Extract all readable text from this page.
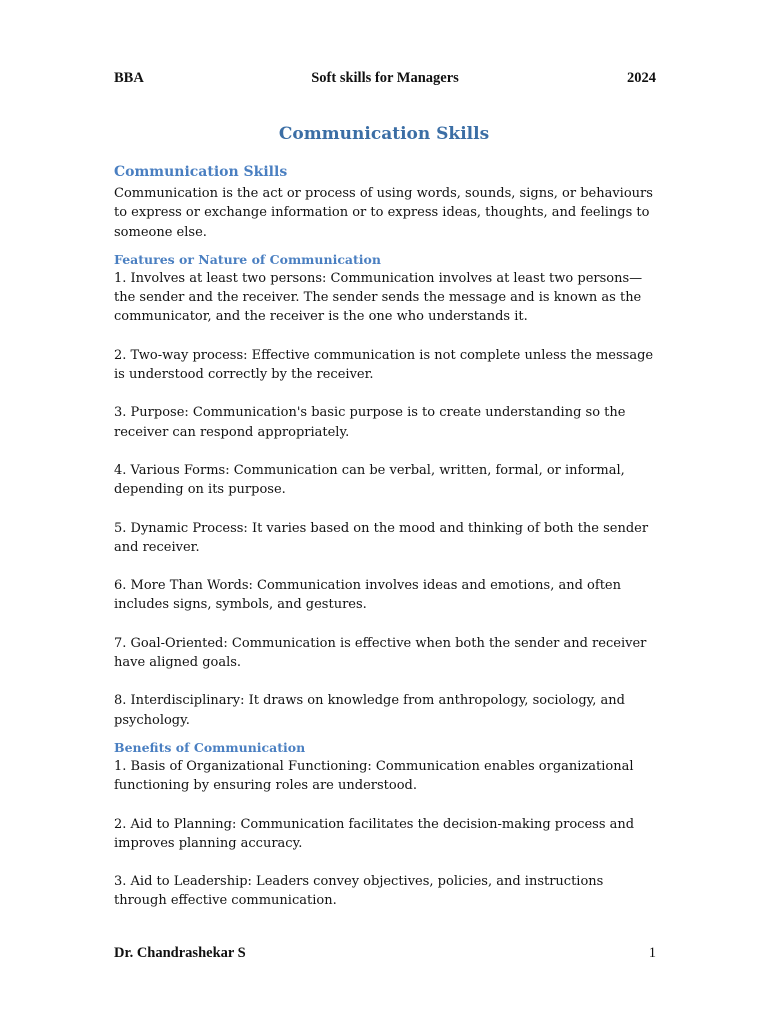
BBA	Soft skills for Managers	2024
Communication Skills
Communication Skills

Communication is the act or process of using words, sounds, signs, or behaviours to express or exchange information or to express ideas, thoughts, and feelings to someone else.

Features or Nature of Communication

1. Involves at least two persons: Communication involves at least two persons—the sender and the receiver. The sender sends the message and is known as the communicator, and the receiver is the one who understands it.

2. Two-way process: Effective communication is not complete unless the message is understood correctly by the receiver.

3. Purpose: Communication's basic purpose is to create understanding so the receiver can respond appropriately.

4. Various Forms: Communication can be verbal, written, formal, or informal, depending on its purpose.

5. Dynamic Process: It varies based on the mood and thinking of both the sender and receiver.

6. More Than Words: Communication involves ideas and emotions, and often includes signs, symbols, and gestures.

7. Goal-Oriented: Communication is effective when both the sender and receiver have aligned goals.

8. Interdisciplinary: It draws on knowledge from anthropology, sociology, and psychology.

Benefits of Communication

1. Basis of Organizational Functioning: Communication enables organizational functioning by ensuring roles are understood.

2. Aid to Planning: Communication facilitates the decision-making process and improves planning accuracy.

3. Aid to Leadership: Leaders convey objectives, policies, and instructions through effective communication.

Dr. Chandrashekar S	1
